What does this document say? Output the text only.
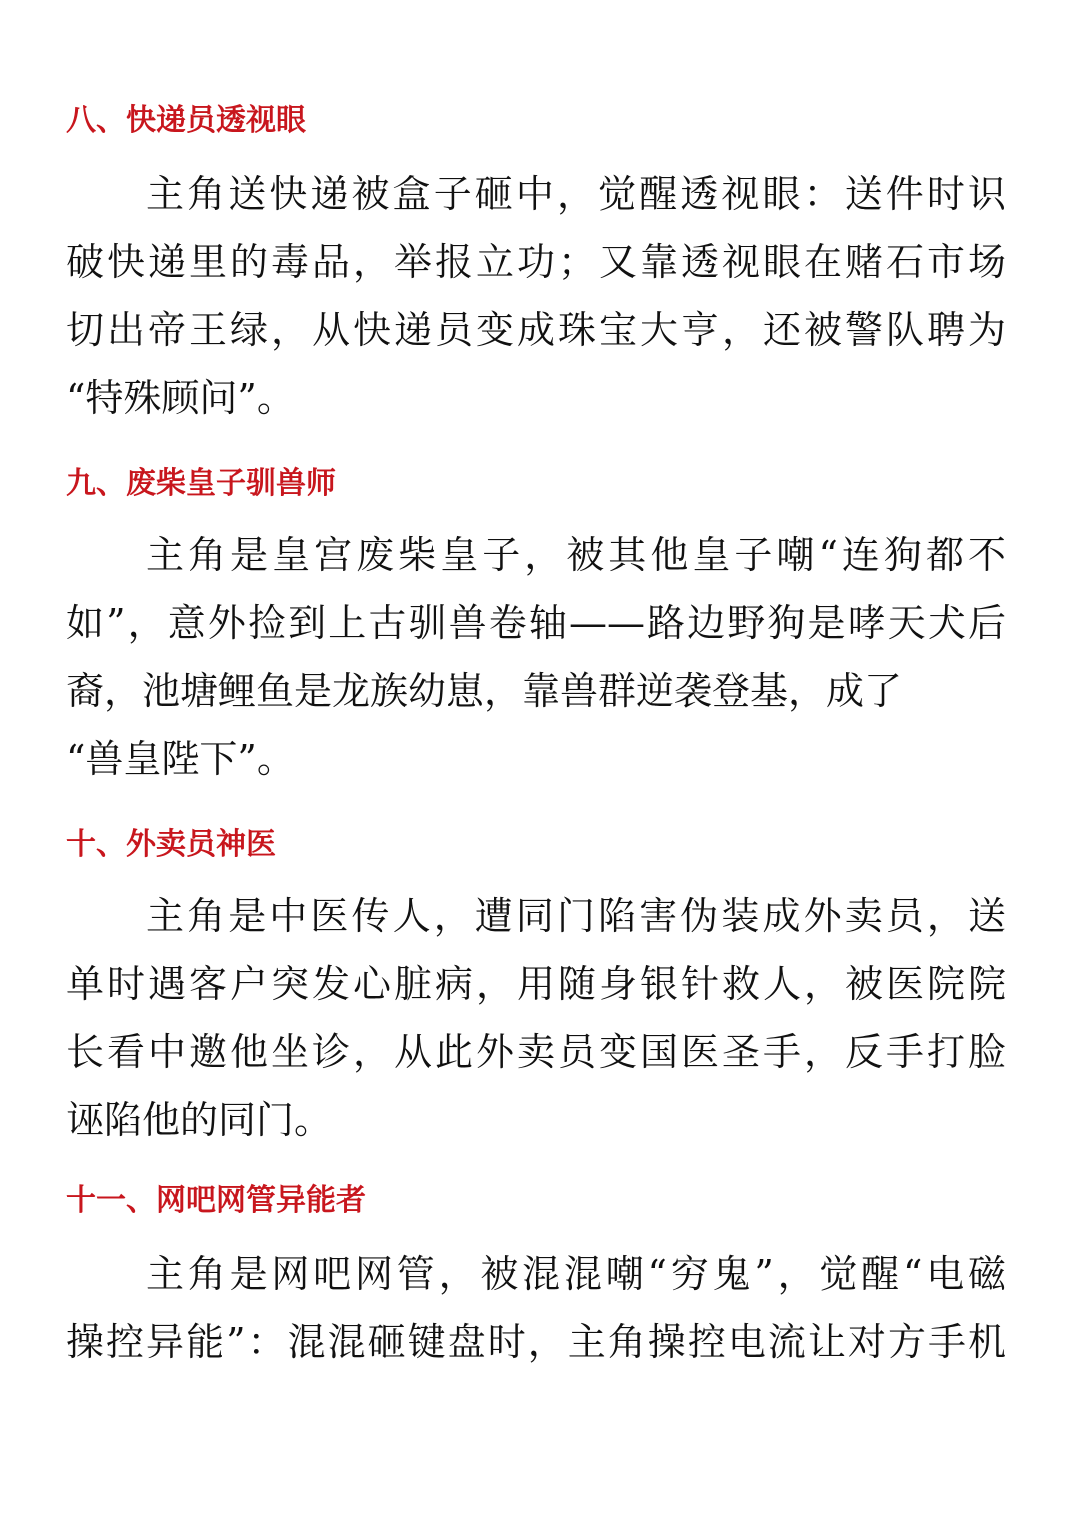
八、快递员透视眼
主角送快递被盒子砸中，觉醒透视眼：送件时识
破快递里的毒品，举报立功；又靠透视眼在赌石市场
切出帝王绿，从快递员变成珠宝大亨，还被警队聘为
“特殊顾问”。
九、废柴皇子驯兽师
主角是皇宫废柴皇子，被其他皇子嘲“连狗都不
如”，意外捡到上古驯兽卷轴——路边野狗是哮天犬后
裔，池塘鲤鱼是龙族幼崽，靠兽群逆袭登基，成了
“兽皇陛下”。
十、外卖员神医
主角是中医传人，遭同门陷害伪装成外卖员，送
单时遇客户突发心脏病，用随身银针救人，被医院院
长看中邀他坐诊，从此外卖员变国医圣手，反手打脸
诬陷他的同门。
十一、网吧网管异能者
主角是网吧网管，被混混嘲“穷鬼”，觉醒“电磁
操控异能”：混混砸键盘时，主角操控电流让对方手机
